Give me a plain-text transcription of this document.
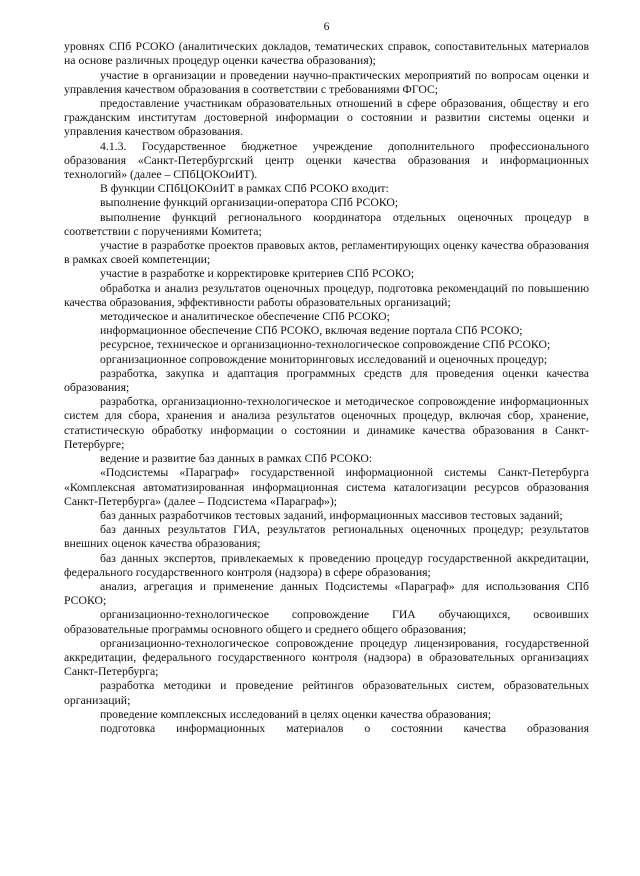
6

уровнях СПб РСОКО (аналитических докладов, тематических справок, сопоставительных материалов на основе различных процедур оценки качества образования);

участие в организации и проведении научно-практических мероприятий по вопросам оценки и управления качеством образования в соответствии с требованиями ФГОС;

предоставление участникам образовательных отношений в сфере образования, обществу и его гражданским институтам достоверной информации о состоянии и развитии системы оценки и управления качеством образования.

4.1.3. Государственное бюджетное учреждение дополнительного профессионального образования «Санкт-Петербургский центр оценки качества образования и информационных технологий» (далее – СПбЦОКОиИТ).

В функции СПбЦОКОиИТ в рамках СПб РСОКО входит:

выполнение функций организации-оператора СПб РСОКО;

выполнение функций регионального координатора отдельных оценочных процедур в соответствии с поручениями Комитета;

участие в разработке проектов правовых актов, регламентирующих оценку качества образования в рамках своей компетенции;

участие в разработке и корректировке критериев СПб РСОКО;

обработка и анализ результатов оценочных процедур, подготовка рекомендаций по повышению качества образования, эффективности работы образовательных организаций;

методическое и аналитическое обеспечение СПб РСОКО;

информационное обеспечение СПб РСОКО, включая ведение портала СПб РСОКО;

ресурсное, техническое и организационно-технологическое сопровождение СПб РСОКО;

организационное сопровождение мониторинговых исследований и оценочных процедур;

разработка, закупка и адаптация программных средств для проведения оценки качества образования;

разработка, организационно-технологическое и методическое сопровождение информационных систем для сбора, хранения и анализа результатов оценочных процедур, включая сбор, хранение, статистическую обработку информации о состоянии и динамике качества образования в Санкт-Петербурге;

ведение и развитие баз данных в рамках СПб РСОКО:

«Подсистемы «Параграф» государственной информационной системы Санкт-Петербурга «Комплексная автоматизированная информационная система каталогизации ресурсов образования Санкт-Петербурга» (далее – Подсистема «Параграф»);

баз данных разработчиков тестовых заданий, информационных массивов тестовых заданий;

баз данных результатов ГИА, результатов региональных оценочных процедур; результатов внешних оценок качества образования;

баз данных экспертов, привлекаемых к проведению процедур государственной аккредитации, федерального государственного контроля (надзора) в сфере образования;

анализ, агрегация и применение данных Подсистемы «Параграф» для использования СПб РСОКО;

организационно-технологическое сопровождение ГИА обучающихся, освоивших образовательные программы основного общего и среднего общего образования;

организационно-технологическое сопровождение процедур лицензирования, государственной аккредитации, федерального государственного контроля (надзора) в образовательных организациях Санкт-Петербурга;

разработка методики и проведение рейтингов образовательных систем, образовательных организаций;

проведение комплексных исследований в целях оценки качества образования;

подготовка информационных материалов о состоянии качества образования
